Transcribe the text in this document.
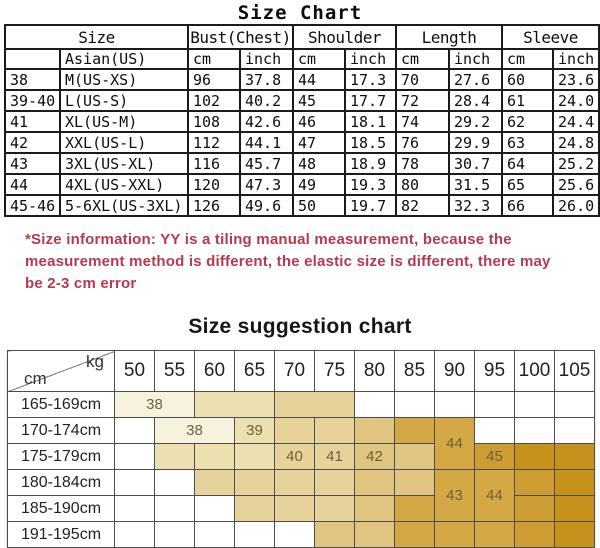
Size Chart
Size		Bust(Chest)		Shoulder		Length		Sleeve	
	Asian(US)	cm	inch	cm	inch	cm	inch	cm	inch
38	M(US-XS)	96	37.8	44	17.3	70	27.6	60	23.6
39-40	L(US-S)	102	40.2	45	17.7	72	28.4	61	24.0
41	XL(US-M)	108	42.6	46	18.1	74	29.2	62	24.4
42	XXL(US-L)	112	44.1	47	18.5	76	29.9	63	24.8
43	3XL(US-XL)	116	45.7	48	18.9	78	30.7	64	25.2
44	4XL(US-XXL)	120	47.3	49	19.3	80	31.5	65	25.6
45-46	5-6XL(US-3XL)	126	49.6	50	19.7	82	32.3	66	26.0
*Size information: YY is a tiling manual measurement, because the measurement method is different, the elastic size is different, there may be 2-3 cm error
Size suggestion chart
kg
cm	50	55	60	65	70	75	80	85	90	95	100	105
165-169cm	38											
170-174cm		38		39					44			
175-179cm					40	41	42			45		
180-184cm									43	44		
185-190cm												
191-195cm												
